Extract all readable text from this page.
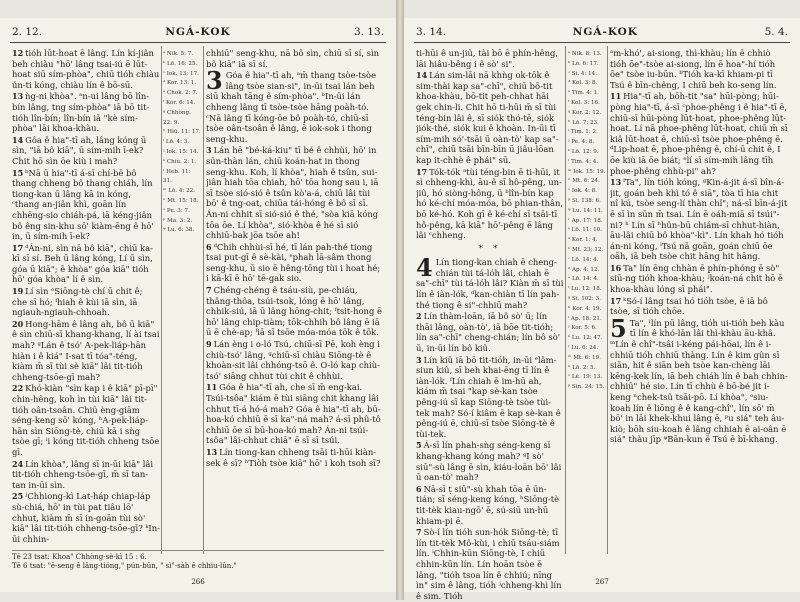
2. 12.	NGÁ-KOK	3. 13.

12 tióh lūt-hoat ē lâng. Lín kí-jiân beh chiàu "hō' lâng tsai-iú ē lūt-hoat siū sím-phòa", chiū tióh chiàu ún-ti kóng, chiàu lín ê bō-sū.

13 ǹg-ni khòa". ᵃn-ui lâng bō lîn-bín lâng, tng sím-phòa" iā bō tit-tióh lîn-bín; lîn-bín iā "kè sím-phòa" lāi khoa-khàu.

14 Gôa ê hia"-tī ah, lâng kóng ū sìn, "iā bô kiā", ū sím-mih ī-ek? Chit hō sìn ōe kiù i mah?

15 ᵇNā ū hia"-tī á-sī chí-bē bô thang chheng bô thang chiáh, lín tiong-kan ū lâng kā in kóng, ᶜthang an-jiân khì, goān lín chhēng-sio chiáh-pá, iā kéng-jiân bô êng sin-khu sō' kiàm-ēng ê hō' in, ū sím-mih ī-ek?

17 ᵈÁn-ni, sìn nā bô kiā", chiū ka-kī sī sí. Beh ū lâng kóng, Lí ū sìn, góa ū kiā"; ē khòa" góa kiā" tióh hō' góa khòa" lí ê sìn.

19 Lí sìn ᵉSiōng-tè chí ū chit ê; che sī hó; ᶠhiah ê kùi iā sìn, iā ngiauh-ngiauh-chhoah.

20 Hong-hām ê lâng ah, bô ū kiā" ê sìn chiū-sī khang-khang, lí ài tsai mah? ᵍLán ê tsó' A-pek-liáp-hān hiàn i ê kiá" I-sat tī tóa"-téng, kiàm m̄ sī tùi sè kiā" lâi tit-tióh chheng-tsōe-gī mah?

22 Khó-kiàn "sìn kap i ê kiā" pī-pī" chin-hêng, koh ìn tùi kiā" lâi tit-tióh oân-tsoân. Chiū èng-giām séng-keng sō' kóng, ʰA-pek-liáp-hān sìn Siōng-tè, chiū kā i sǹg tsòe gī; ⁱi kóng tit-tióh chheng tsōe gī.

24 Lín khòa", lâng sī in-ūi kiā" lâi tit-tióh chheng-tsōe-gī, m̄ sī tan-tan in-ūi sìn.

25 ʲChhiong-kì Lat-háp chiap-láp sù-chiá, hō' in tùi pat tiâu lō' chhut, kiàm m̄ sī in-goān tùi sò' kiā" lâi tit-tióh chheng-tsōe-gī? ᵏIn-ūi chhin-

ᵃ Nik. 5: 7.
ᵇ Lō. 16: 25.
ᶜ Iok. 13: 17.
ᵈ Kor. 13: 1.
ᵉ Chok. 2: 7.
ᶠ Kor. 6: 14.
ᵍ Chhòng. 22: 9.
ʰ Hiū. 11: 17.
ⁱ Lō. 4: 3.
ʲ Iok. 15: 14.
ᵏ Chiù. 2: 1.
ˡ Heb. 11: 31.
ᵐ Lō. 4: 22.
ⁿ Mt. 15: 18.
ᵒ Pe. 3: 7.
ᵖ Ma. 3: 2.
ᵠ Lu. 6: 38.

chhiū" seng-khu, nā bô sìn, chiū sī sí, sìn bô kiā" iā sī sí.

3 Góa ê hia"-tī ah, ᵃm̄ thang tsòe-tsòe lâng tsòe sian-si", in-ūi tsai lán beh siū khah tāng ê sím-phòa". ᵇIn-ūi lán chheng lâng tī tsòe-tsòe hāng poàh-tó. ᶜNā lâng tī kóng-ōe bô poàh-tó, chiū-sī tsòe oân-tsoân ê lâng, ē iok-sok i thong seng-khu.

3 Lán hē "bé-ká-kiu" tī bé ê chhùi, hō' in sūn-thàn lán, chiū koán-hat in thong seng-khu. Koh, lí khòa", hiah ê tsûn, sui-jiân hiah tōa chiah, hō' tōa hong sau i, iā sī tsòe sió-sió ê tsûn kò'a-á, chiū lâi tùi bō' ê tng-oat, chiūa tái-hóng ê bô sī sī. Án-ni chhit sī sió-sió ê thé, "sòa kiā kóng tōa ōe. Lí khòa", sió-khòa ê hé sī sió chhiū-bak jōa tsōe ah!

6 ᵈChih chhùi-sī hé, tī lán pah-thé tiong tsai put-gī ê sè-kài, ᵉphah lā-sâm thong seng-khu, ū sio ē hêng-tōng tùi i hoat hé; i kā-kī ē hō' tē-gak sio.

7 Chéng-chéng ê tsáu-siù, pe-chiáu, thâng-thôa, tsúi-tsok, lóng ē hō' lâng, chhik-siú, iā ū lâng hōng-chit; ᶠtsit-hong ē hō' lâng chip-tiàm; tōk-chhih bô lâng ē iā ū ē chè-ap; ᶠiā sī tsōe móa-móa tōk ê tōk.

9 Lán èng i o-ló Tsú, chiū-sī Pē, koh èng i chiù-tsó' lâng, ᵍchiū-sī chiàu Siōng-tè ê khoàn-sit lâi chhóng-tsō ê. O-ló kap chiù-tsó' siāng chhut tùi chit ê chhùi.

11 Góa ê hia"-tī ah, che sī m̄ eng-kai. Tsúi-tsôa" kiám ē tùi siāng chit khang lâi chhut tī-á hó-á mah? Góa ê hia"-tī ah, bū-hoa-kó chhiū ē sī ka"-ná mah? á-sī phû-tô chhiū ōe sī bū-hoa-kó mah? Án-ni tsúi-tsôa" lâi-chhut chiā" ē sī sī tsúi.

13 Lín tiong-kan chheng tsāi ti-hūi kiàn-sek ê sī? ʰTiòh tsòe kiā" hō' i koh tsoh sī?

Tē 23 tsat: Khoa" Chhòng-sè-kì 15 : 6.
Tē 6 tsat: "ē-seng ē lâng-tióng," pún-bûn, " sì"-sàh ē chhiu-lûn."
266
3. 14.	NGÁ-KOK	5. 4.

ti-hūi ê un-jiû, tài bō ē phín-hêng, lāi hiâu-bêng i ê sò' si".

14 Lán sim-lāi nā khǹg ok-tōk ê sim-thài kap sa"-chī", chiū bō-tit khoa-khàu, bō-tit peh-chhat hāi gek chin-li. Chit hō ti-hūi m̄ sī tùi téng-bin lâi ê, sī siók thó-tē, siók jiók-thé, siók kui ê khoàn. In-ūi tī sím-mih só'-tsāi ū oàn-tò' kap sa"-chī", chiū tsāi bīn-bīn ū jiâu-lōan kap it-chhè ê phái" sū.

17 Tók-tók ᵃtùi téng-bin ē ti-hūi, it sì chheng-khì, āu-ê sī hô-pêng, un-jiû, hó siòng-hông, ū ᵇlîn-bín kap hó ké-chí móa-móa, bō phian-thân, bō ké-hó. Koh gī ê ké-chí sī tsāi-tī hô-pêng, kā kiā" hō'-pêng ē lâng lâi ᶜchheng.

* *

4 Lín tiong-kan chiah ē cheng-chián tùi tá-lóh lâi, chiah ē sa"-chī" tùi tá-lóh lâi? Kiàn m̄ sī tùi lín ê iàn-lók, ᵈkan-chiàn tī lín pah-thé tiong ê si"-chhiū mah?

2 Lín thàm-loān, iā bô sò' ū; lín thāi lâng, oàn-tò', iā bōe tit-tióh; lín sa"-chī" cheng-chián; lín bô sò' ū, in-ūi lín bô kiû.

3 Lín kiû iā bō tit-tióh, in-ūi ᵉlâm-siun kiû, sī beh khai-ēng tī lín ê iàn-lók. ᶠLín chiah ē im-hū ah, kiám m̄ tsai "kap sè-kan tsòe pêng-iú sī kap Siōng-tè tsòe tùi-tek mah? Só-í kiâm ē kap sè-kan ê pêng-iú ē, chiū-sī tsòe Siōng-tè ê tùi-tek.

5 Á-sī lín phah-sǹg séng-keng sī khang-khang kóng mah? ᵍI sò' siū"-sù lâng ē sìn, kiáu-loān bō' lâi ū oan-tò' mah?

6 Nā-sī ṭ siū"-sù khah tōa ē ūn-tián; sī séng-keng kóng, ʰSiōng-tè tit-tèk kiau-ngō' ē, sú-siū un-hū khiam-pi ē.

7 Sò-í lín tióh sun-hók Siōng-tè; tī lín tit-tèk Mô-kùi, i chiū tsáu-siám lín. ⁱChhin-kūn Siōng-tè, I chiū chhin-kūn lín. Lín hoān tsòe ē lâng, "tióh tsoa lín ê chhiú; nīng ìn" sim ê lâng, tióh ʲchheng-khì lín ê sim. Tióh

ᵃ Nik. 8: 13.
ᵇ Lo. 6: 17.
ᶜ Si. 4: 14.
ᵈ Kol. 3: 8.
ᵉ Tim. 4: 1.
ᶠ Kol. 3: 16.
ᵍ Kor. 2: 12.
ʰ Lō. 7: 23.
ⁱ Tim. 1: 2.
ʲ Pe. 4: 8.
ᵏ Lō. 12: 9.
ˡ Tim. 4: 4.
ᵐ Iok. 15: 19.
ⁿ Mt. 6: 24.
ᵒ Iok. 4: 8.
ᵖ Si. 138: 6.
ᵠ Lu. 14: 11.
ʳ Ap. 17: 18.
ˢ Lō. 11: 10.
ᵃ Kor. 1: 4.
ᵇ Mt. 23: 12.
ᶜ Lō. 14: 4.
ᵈ Ap. 4: 12.
ᵉ Lō. 14: 4.
ᶠ Lu. 12: 18.
ᵍ Si. 102: 3.
ʰ Kor. 4: 19.
ⁱ Ap. 18: 21.
ʲ Kor. 5: 6.
ᵏ Lu. 12: 47.
ˡ Lu. 6: 24.
ᵐ Mt. 6: 19.
ⁿ Lō. 2: 5.
ᵒ Lē. 19: 13.
ᵖ Sin. 24: 15.

ᵃm-khó', ai-siong, thì-khàu; lín ē chhiò tióh ōe"-tsòe ai-siong, lín ē hoa"-hí tióh ōe" tsòe iu-būn. ᵇTióh ka-kī khiam-pi tī Tsú ê bīn-chêng, I chiū beh ko-seng lín.

11 Hia"-tī ah, bōh-tit "sa" hūi-pòng; hūi-pòng hia"-tī, á-sī ᶜphoe-phêng i ê hia"-tī ē, chiū-sī hūi-pòng lūt-hoat, phoe-phêng lūt-hoat. Lí nā phoe-phêng lūt-hoat, chiū m̄ sī kiâ lūt-hoat ē, chiū-sī tsòe phoe-phêng ē. ᵈLip-hoat ē, phoe-phêng ē, chí-ū chit ê, I ōe kiù iā ōe biát; ᵉlí sī sím-mih lâng tīh phoe-phêng chhù-pi" ah?

13 ᶠTa", lín tióh kóng, ᵍKin-á-jit á-sī bîn-á-jit, goán beh khì tó ê siā", tòa tī hia chit nî kú, tsòe seng-lí thàn chî"; ná-sī bīn-á-jit ē sī ìn sūn m̄ tsai. Lín ē oáh-miā sī tsúi"-ni? ʰ Lín sī ʰhûn-bū chiám-sī chhut-hiàn, āu-lâi chiū bô khòa"-kì". Lín khah hó tióh án-ni kóng, ⁱTsú nā goān, goán chiū ōe oāh, iā beh tsòe chit hāng hit hāng.

16 Ta" lín ēng chhàn ē phín-phóng ē sò" siū-ng tióh khoa-khàu; ʲkoán-ná chit hō ē khoa-khàu lóng sī phái".

17 ᵏSó-í lâng tsai hó tióh tsòe, ē iā bô tsòe, sī tióh chōe.

5 Ta", ˡlín pū lâng, tióh ui-tióh beh kàu tī lín ê khó-lān lâi thì-khàu āu-khâ. ᵐLín ê chî"-tsâi i-kéng pái-hōai, lín ê i-chhiū tióh chhiū thàng. Lín ê kim gûn sī siān, hit ê siān beh tsòe kan-chèng lāi kēng-kek lín, iā beh chiáh lín ê bah chhin-chhiū" hé sio. Lín tī chhù ê bō-bé jit i-keng ⁿchek-tsû tsāi-pō. Lí khòa", ᵒsiu-koah lín ê liōng ê ê kang-chî", lín sō' m̄ bō' in lāi khek-khui lâng ē, ᵖu siá" teh âu-kiò; bōh siu-koah ê lâng chhiah ē ai-oân ē siá" thàu jīp ᵠBān-kun ē Tsú ē bī-khang.

267
